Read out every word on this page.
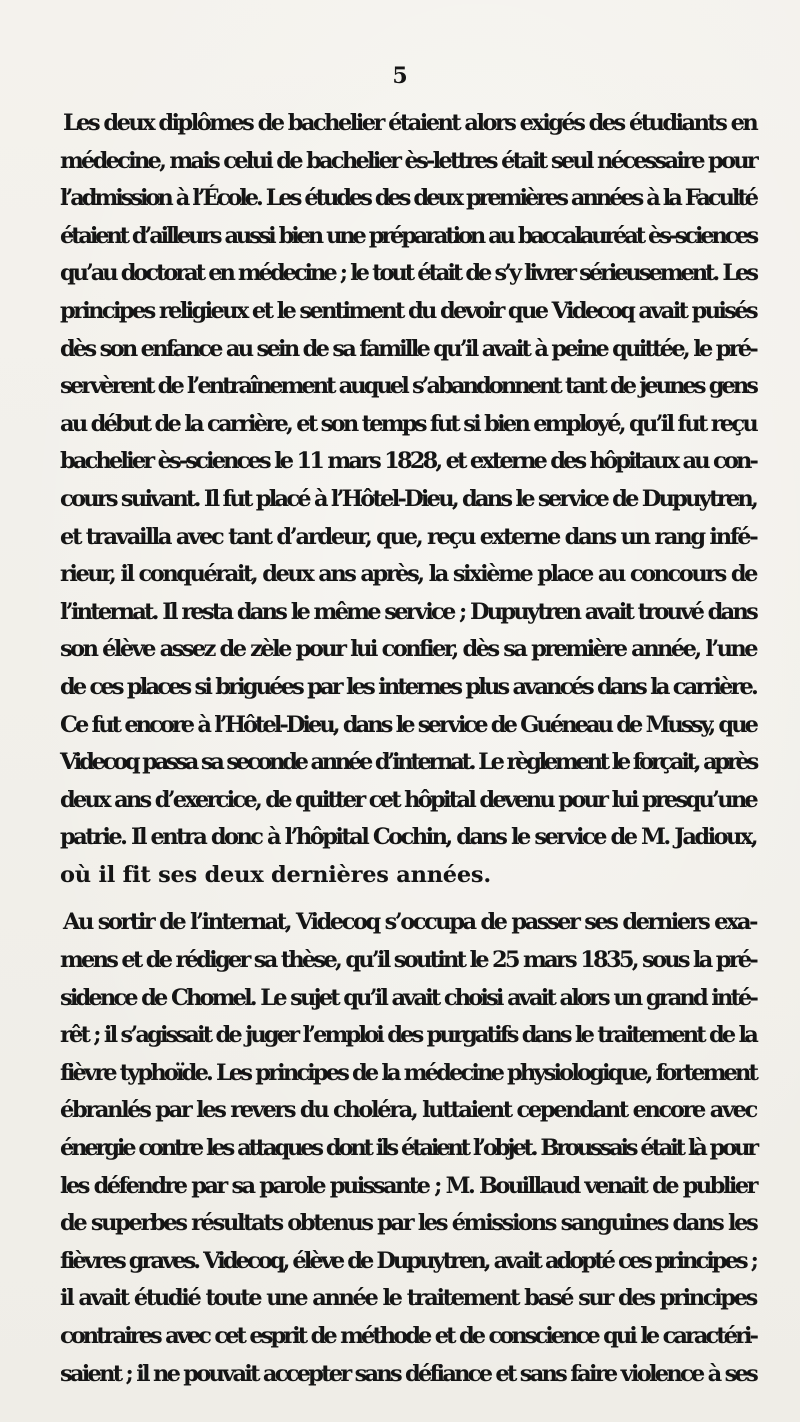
5
Les deux diplômes de bachelier étaient alors exigés des étudiants en
médecine, mais celui de bachelier ès-lettres était seul nécessaire pour
l’admission à l’École. Les études des deux premières années à la Faculté
étaient d’ailleurs aussi bien une préparation au baccalauréat ès-sciences
qu’au doctorat en médecine ; le tout était de s’y livrer sérieusement. Les
principes religieux et le sentiment du devoir que Videcoq avait puisés
dès son enfance au sein de sa famille qu’il avait à peine quittée, le pré-
servèrent de l’entraînement auquel s’abandonnent tant de jeunes gens
au début de la carrière, et son temps fut si bien employé, qu’il fut reçu
bachelier ès-sciences le 11 mars 1828, et externe des hôpitaux au con-
cours suivant. Il fut placé à l’Hôtel-Dieu, dans le service de Dupuytren,
et travailla avec tant d’ardeur, que, reçu externe dans un rang infé-
rieur, il conquérait, deux ans après, la sixième place au concours de
l’internat. Il resta dans le même service ; Dupuytren avait trouvé dans
son élève assez de zèle pour lui confier, dès sa première année, l’une
de ces places si briguées par les internes plus avancés dans la carrière.
Ce fut encore à l’Hôtel-Dieu, dans le service de Guéneau de Mussy, que
Videcoq passa sa seconde année d’internat. Le règlement le forçait, après
deux ans d’exercice, de quitter cet hôpital devenu pour lui presqu’une
patrie. Il entra donc à l’hôpital Cochin, dans le service de M. Jadioux,
où il fit ses deux dernières années.
Au sortir de l’internat, Videcoq s’occupa de passer ses derniers exa-
mens et de rédiger sa thèse, qu’il soutint le 25 mars 1835, sous la pré-
sidence de Chomel. Le sujet qu’il avait choisi avait alors un grand inté-
rêt ; il s’agissait de juger l’emploi des purgatifs dans le traitement de la
fièvre typhoïde. Les principes de la médecine physiologique, fortement
ébranlés par les revers du choléra, luttaient cependant encore avec
énergie contre les attaques dont ils étaient l’objet. Broussais était là pour
les défendre par sa parole puissante ; M. Bouillaud venait de publier
de superbes résultats obtenus par les émissions sanguines dans les
fièvres graves. Videcoq, élève de Dupuytren, avait adopté ces principes ;
il avait étudié toute une année le traitement basé sur des principes
contraires avec cet esprit de méthode et de conscience qui le caractéri-
saient ; il ne pouvait accepter sans défiance et sans faire violence à ses
